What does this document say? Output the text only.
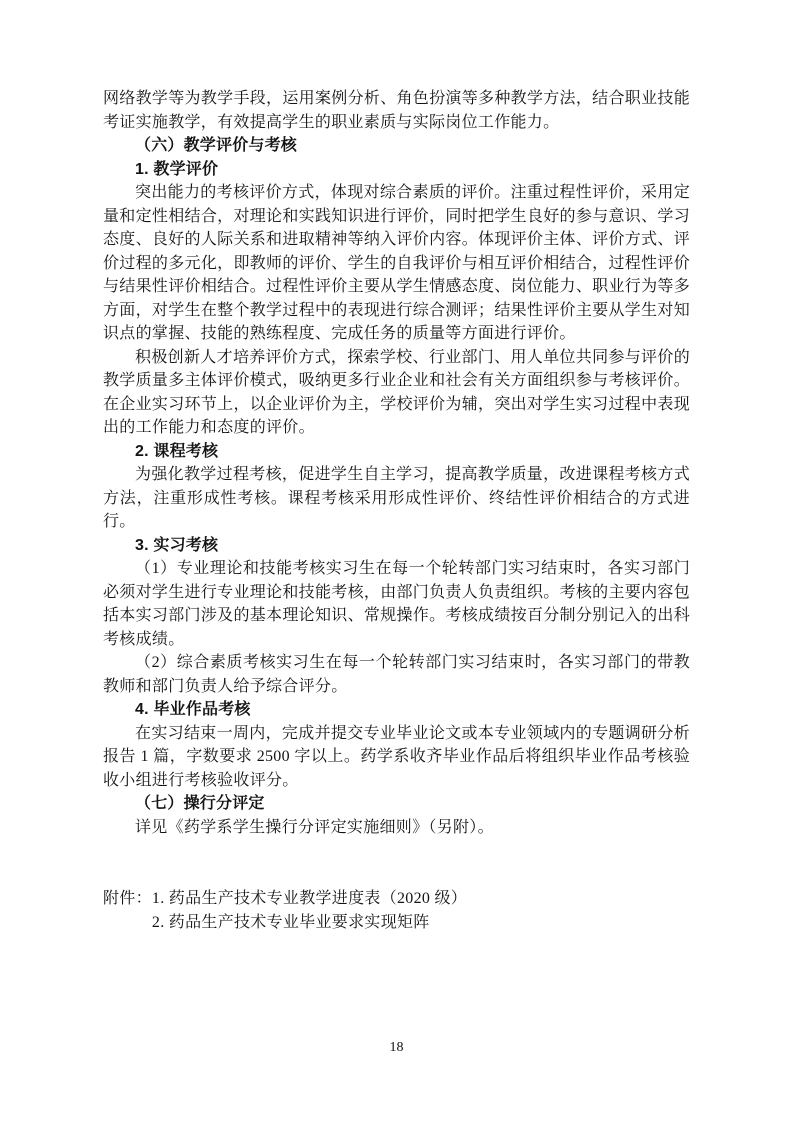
网络教学等为教学手段，运用案例分析、角色扮演等多种教学方法，结合职业技能考证实施教学，有效提高学生的职业素质与实际岗位工作能力。

（六）教学评价与考核

1. 教学评价

突出能力的考核评价方式，体现对综合素质的评价。注重过程性评价，采用定量和定性相结合，对理论和实践知识进行评价，同时把学生良好的参与意识、学习态度、良好的人际关系和进取精神等纳入评价内容。体现评价主体、评价方式、评价过程的多元化，即教师的评价、学生的自我评价与相互评价相结合，过程性评价与结果性评价相结合。过程性评价主要从学生情感态度、岗位能力、职业行为等多方面，对学生在整个教学过程中的表现进行综合测评；结果性评价主要从学生对知识点的掌握、技能的熟练程度、完成任务的质量等方面进行评价。

积极创新人才培养评价方式，探索学校、行业部门、用人单位共同参与评价的教学质量多主体评价模式，吸纳更多行业企业和社会有关方面组织参与考核评价。在企业实习环节上，以企业评价为主，学校评价为辅，突出对学生实习过程中表现出的工作能力和态度的评价。

2. 课程考核

为强化教学过程考核，促进学生自主学习，提高教学质量，改进课程考核方式方法，注重形成性考核。课程考核采用形成性评价、终结性评价相结合的方式进行。

3. 实习考核

（1）专业理论和技能考核实习生在每一个轮转部门实习结束时，各实习部门必须对学生进行专业理论和技能考核，由部门负责人负责组织。考核的主要内容包括本实习部门涉及的基本理论知识、常规操作。考核成绩按百分制分别记入的出科考核成绩。

（2）综合素质考核实习生在每一个轮转部门实习结束时，各实习部门的带教教师和部门负责人给予综合评分。

4. 毕业作品考核

在实习结束一周内，完成并提交专业毕业论文或本专业领域内的专题调研分析报告 1 篇，字数要求 2500 字以上。药学系收齐毕业作品后将组织毕业作品考核验收小组进行考核验收评分。

（七）操行分评定

详见《药学系学生操行分评定实施细则》（另附）。

附件： 1. 药品生产技术专业教学进度表（2020 级）
2. 药品生产技术专业毕业要求实现矩阵
18
